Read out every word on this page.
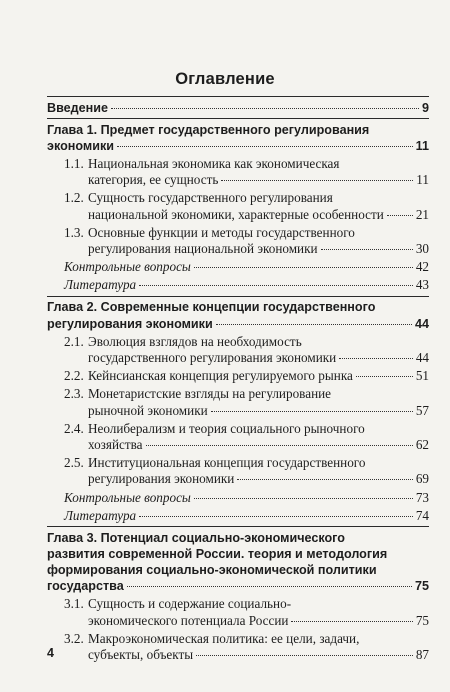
Оглавление
Введение	9
Глава 1. Предмет государственного регулирования
экономики	11
1.1. Национальная экономика как экономическая
категория, ее сущность	11
1.2. Сущность государственного регулирования
национальной экономики, характерные особенности 21
1.3. Основные функции и методы государственного
регулирования национальной экономики	30
Контрольные вопросы	42
Литература	43
Глава 2. Современные концепции государственного
регулирования экономики	44
2.1. Эволюция взглядов на необходимость
государственного регулирования экономики	44
2.2. Кейнсианская концепция регулируемого рынка	51
2.3. Монетаристские взгляды на регулирование
рыночной экономики	57
2.4. Неолиберализм и теория социального рыночного
хозяйства	62
2.5. Институциональная концепция государственного
регулирования экономики	69
Контрольные вопросы	73
Литература	74
Глава 3. Потенциал социально-экономического
развития современной России. теория и методология
формирования социально-экономической политики
государства	75
3.1. Сущность и содержание социально-
экономического потенциала России	75
3.2. Макроэкономическая политика: ее цели, задачи,
субъекты, объекты	87
4
